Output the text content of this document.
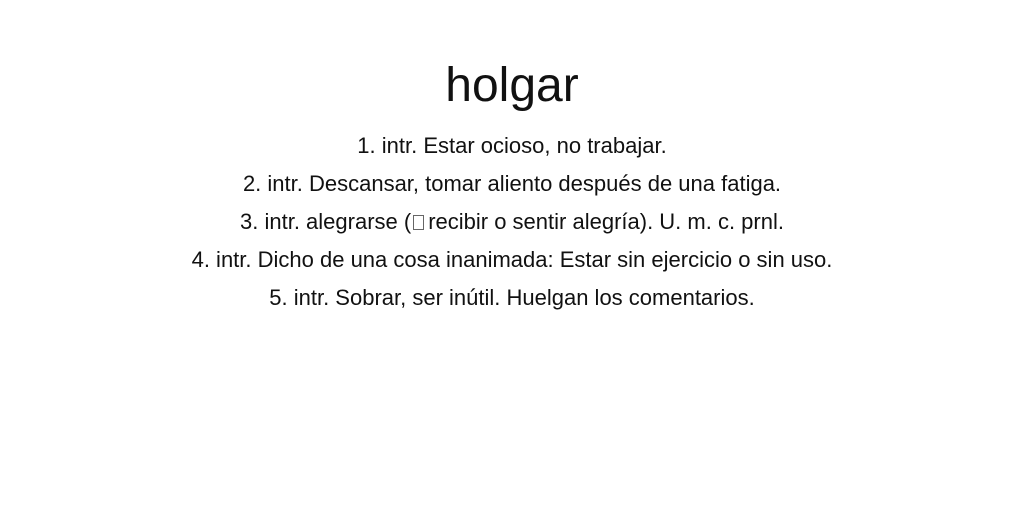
holgar
1. intr. Estar ocioso, no trabajar.
2. intr. Descansar, tomar aliento después de una fatiga.
3. intr. alegrarse ( recibir o sentir alegría). U. m. c. prnl.
4. intr. Dicho de una cosa inanimada: Estar sin ejercicio o sin uso.
5. intr. Sobrar, ser inútil. Huelgan los comentarios.
